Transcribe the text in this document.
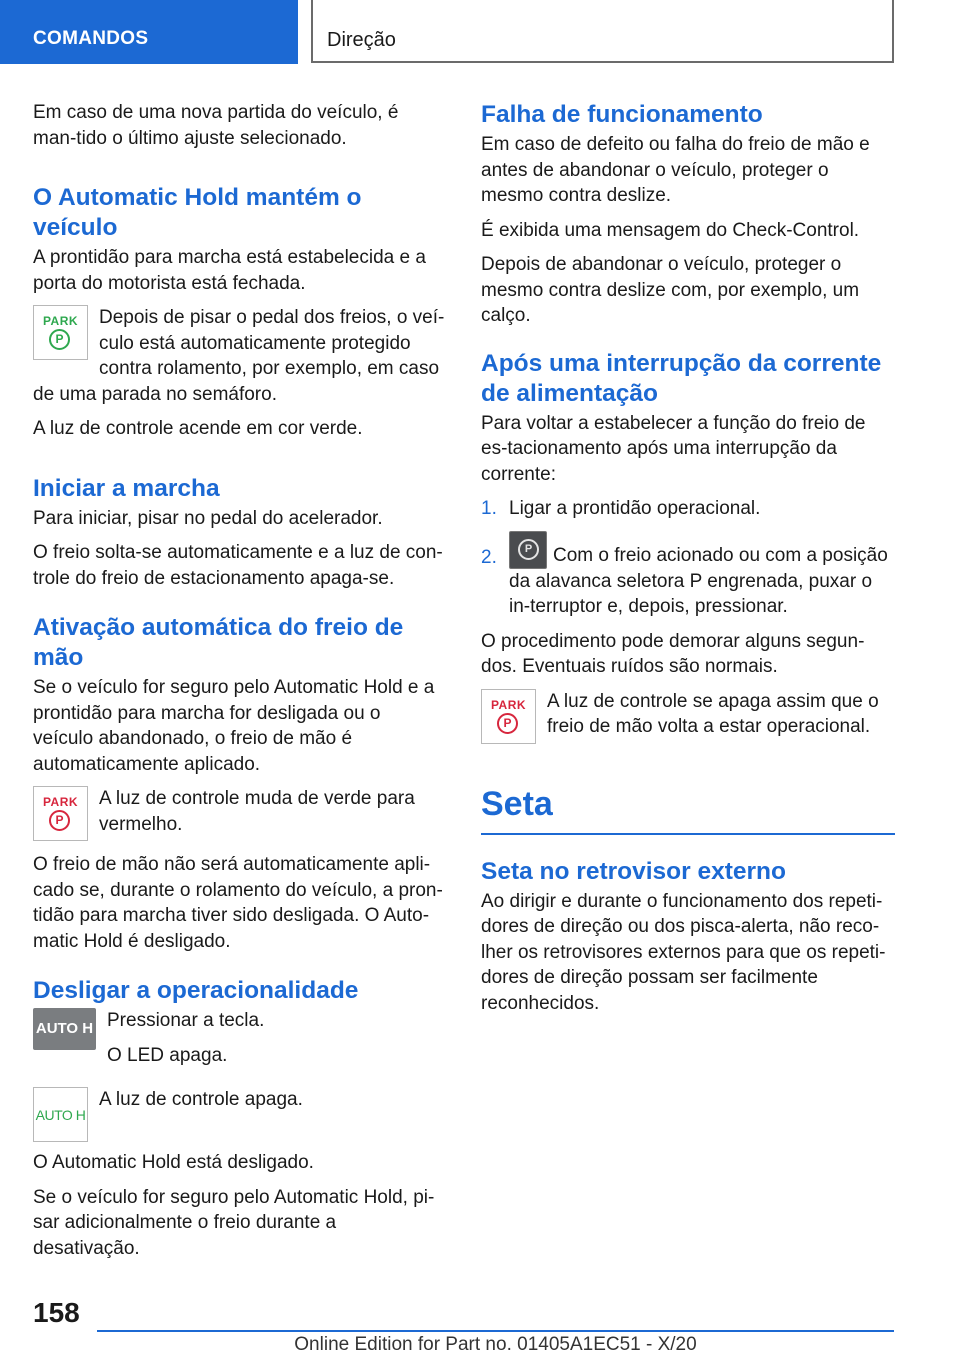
COMANDOS	Direção

Em caso de uma nova partida do veículo, é man-tido o último ajuste selecionado.

O Automatic Hold mantém o veículo

A prontidão para marcha está estabelecida e a porta do motorista está fechada.

PARK
P

Depois de pisar o pedal dos freios, o veí-culo está automaticamente protegido contra rolamento, por exemplo, em caso de uma parada no semáforo.

A luz de controle acende em cor verde.

Iniciar a marcha

Para iniciar, pisar no pedal do acelerador.

O freio solta-se automaticamente e a luz de con-trole do freio de estacionamento apaga-se.

Ativação automática do freio de mão

Se o veículo for seguro pelo Automatic Hold e a prontidão para marcha for desligada ou o veículo abandonado, o freio de mão é automaticamente aplicado.

PARK
P

A luz de controle muda de verde para vermelho.

O freio de mão não será automaticamente apli-cado se, durante o rolamento do veículo, a pron-tidão para marcha tiver sido desligada. O Auto-matic Hold é desligado.

Desligar a operacionalidade
AUTO H Pressionar a tecla.

O LED apaga.

AUTO H

A luz de controle apaga.

O Automatic Hold está desligado.

Se o veículo for seguro pelo Automatic Hold, pi-sar adicionalmente o freio durante a desativação.

Falha de funcionamento

Em caso de defeito ou falha do freio de mão e antes de abandonar o veículo, proteger o mesmo contra deslize.

É exibida uma mensagem do Check-Control.

Depois de abandonar o veículo, proteger o mesmo contra deslize com, por exemplo, um calço.

Após uma interrupção da corrente de alimentação

Para voltar a estabelecer a função do freio de es-tacionamento após uma interrupção da corrente:

1. Ligar a prontidão operacional.
2.	P	Com o freio acionado ou com a posição da alavanca seletora P engrenada, puxar o in-terruptor e, depois, pressionar.

O procedimento pode demorar alguns segun-dos. Eventuais ruídos são normais.

PARK
P

A luz de controle se apaga assim que o freio de mão volta a estar operacional.

Seta
Seta no retrovisor externo

Ao dirigir e durante o funcionamento dos repeti-dores de direção ou dos pisca-alerta, não reco-lher os retrovisores externos para que os repeti-dores de direção possam ser facilmente reconhecidos.

158
Online Edition for Part no. 01405A1EC51 - X/20
